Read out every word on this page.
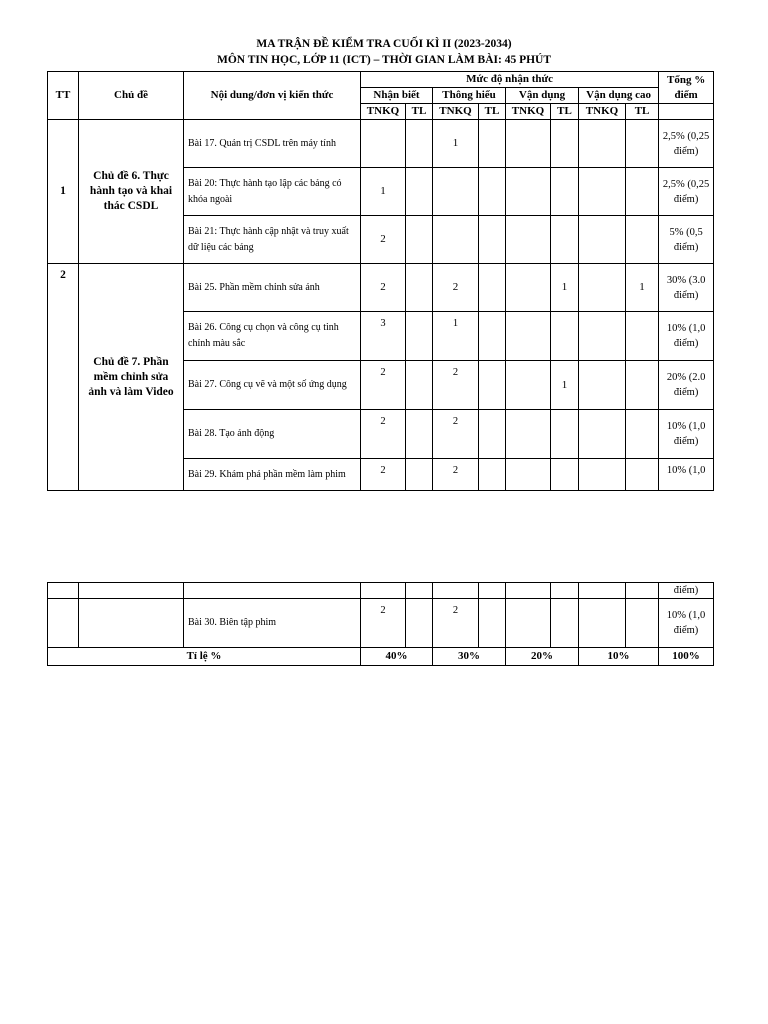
MA TRẬN ĐỀ KIỂM TRA CUỐI KÌ II (2023-2034)
MÔN TIN HỌC, LỚP 11 (ICT) – THỜI GIAN LÀM BÀI: 45 PHÚT
TT	Chủ đề	Nội dung/đơn vị kiến thức	Mức độ nhận thức								Tổng % điểm
			Nhận biết		Thông hiểu		Vận dụng		Vận dụng cao		
			TNKQ	TL	TNKQ	TL	TNKQ	TL	TNKQ	TL	
1	Chủ đề 6. Thực hành tạo và khai thác CSDL	Bài 17. Quản trị CSDL trên máy tính			1						2,5% (0,25 điểm)
		Bài 20: Thực hành tạo lập các bảng có khóa ngoài	1								2,5% (0,25 điểm)
		Bài 21: Thực hành cập nhật và truy xuất dữ liệu các bảng	2								5% (0,5 điểm)
2	Chủ đề 7. Phần mềm chỉnh sửa ảnh và làm Video	Bài 25. Phần mềm chỉnh sửa ảnh	2		2			1		1	30% (3.0 điểm)
		Bài 26. Công cụ chọn và công cụ tinh chỉnh màu sắc	3		1						10% (1,0 điểm)
		Bài 27. Công cụ vẽ và một số ứng dụng	2		2			1			20% (2.0 điểm)
		Bài 28. Tạo ảnh động	2		2						10% (1,0 điểm)
		Bài 29. Khám phá phần mềm làm phim	2		2						10% (1,0
											điểm)
		Bài 30. Biên tập phim	2		2						10% (1,0 điểm)
Tỉ lệ %			40%		30%		20%		10%		100%
